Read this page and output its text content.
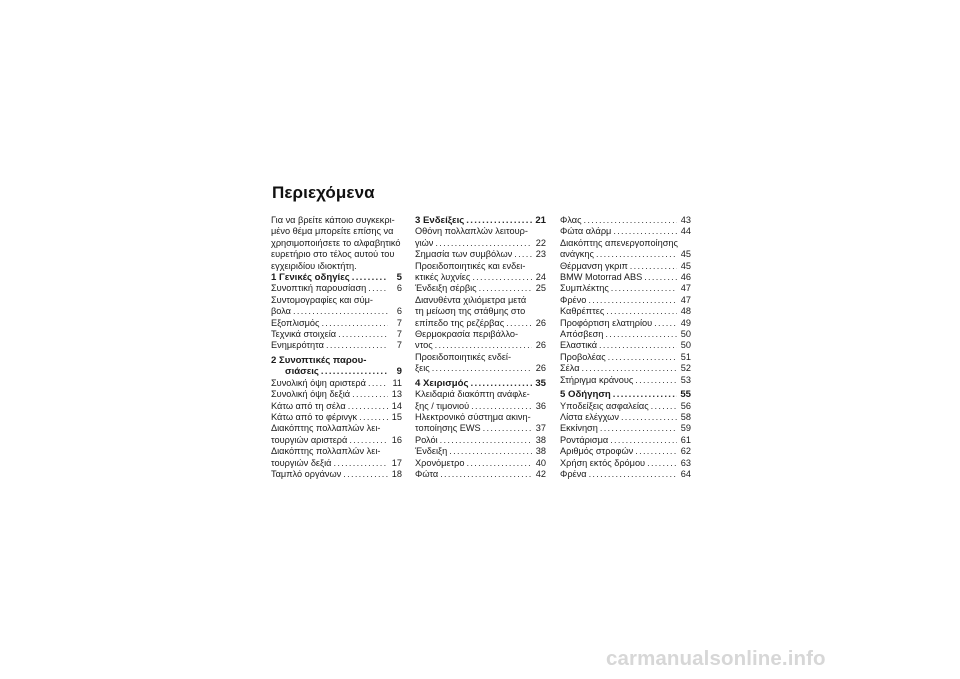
Περιεχόμενα
Για να βρείτε κάποιο συγκεκρι-
μένο θέμα μπορείτε επίσης να
χρησιμοποιήσετε το αλφαβητικό
ευρετήριο στο τέλος αυτού του
εγχειριδίου ιδιοκτήτη.
1 Γενικές οδηγίες .....	5
Συνοπτική παρουσίαση .....	6
Συντομογραφίες και σύμ-
βολα .....	6
Εξοπλισμός .....	7
Τεχνικά στοιχεία .....	7
Ενημερότητα .....	7
2 Συνοπτικές παρου-
σιάσεις .....	9
Συνολική όψη αριστερά .....	11
Συνολική όψη δεξιά .....	13
Κάτω από τη σέλα .....	14
Κάτω από το φέρινγκ .....	15
Διακόπτης πολλαπλών λει-
τουργιών αριστερά .....	16
Διακόπτης πολλαπλών λει-
τουργιών δεξιά .....	17
Ταμπλό οργάνων .....	18
3 Ενδείξεις .....	21
Οθόνη πολλαπλών λειτουρ-
γιών .....	22
Σημασία των συμβόλων .....	23
Προειδοποιητικές και ενδει-
κτικές λυχνίες .....	24
Ένδειξη σέρβις .....	25
Διανυθέντα χιλιόμετρα μετά
τη μείωση της στάθμης στο
επίπεδο της ρεζέρβας .....	26
Θερμοκρασία περιβάλλο-
ντος .....	26
Προειδοποιητικές ενδεί-
ξεις .....	26
4 Χειρισμός .....	35
Κλειδαριά διακόπτη ανάφλε-
ξης / τιμονιού .....	36
Ηλεκτρονικό σύστημα ακινη-
τοποίησης EWS .....	37
Ρολόι .....	38
Ένδειξη .....	38
Χρονόμετρο .....	40
Φώτα .....	42
Φλας .....	43
Φώτα αλάρμ .....	44
Διακόπτης απενεργοποίησης
ανάγκης .....	45
Θέρμανση γκριπ .....	45
BMW Motorrad ABS .....	46
Συμπλέκτης .....	47
Φρένο .....	47
Καθρέπτες .....	48
Προφόρτιση ελατηρίου .....	49
Απόσβεση .....	50
Ελαστικά .....	50
Προβολέας .....	51
Σέλα .....	52
Στήριγμα κράνους .....	53
5 Οδήγηση .....	55
Υποδείξεις ασφαλείας .....	56
Λίστα ελέγχων .....	58
Εκκίνηση .....	59
Ροντάρισμα .....	61
Αριθμός στροφών .....	62
Χρήση εκτός δρόμου .....	63
Φρένα .....	64
carmanualsonline.info
